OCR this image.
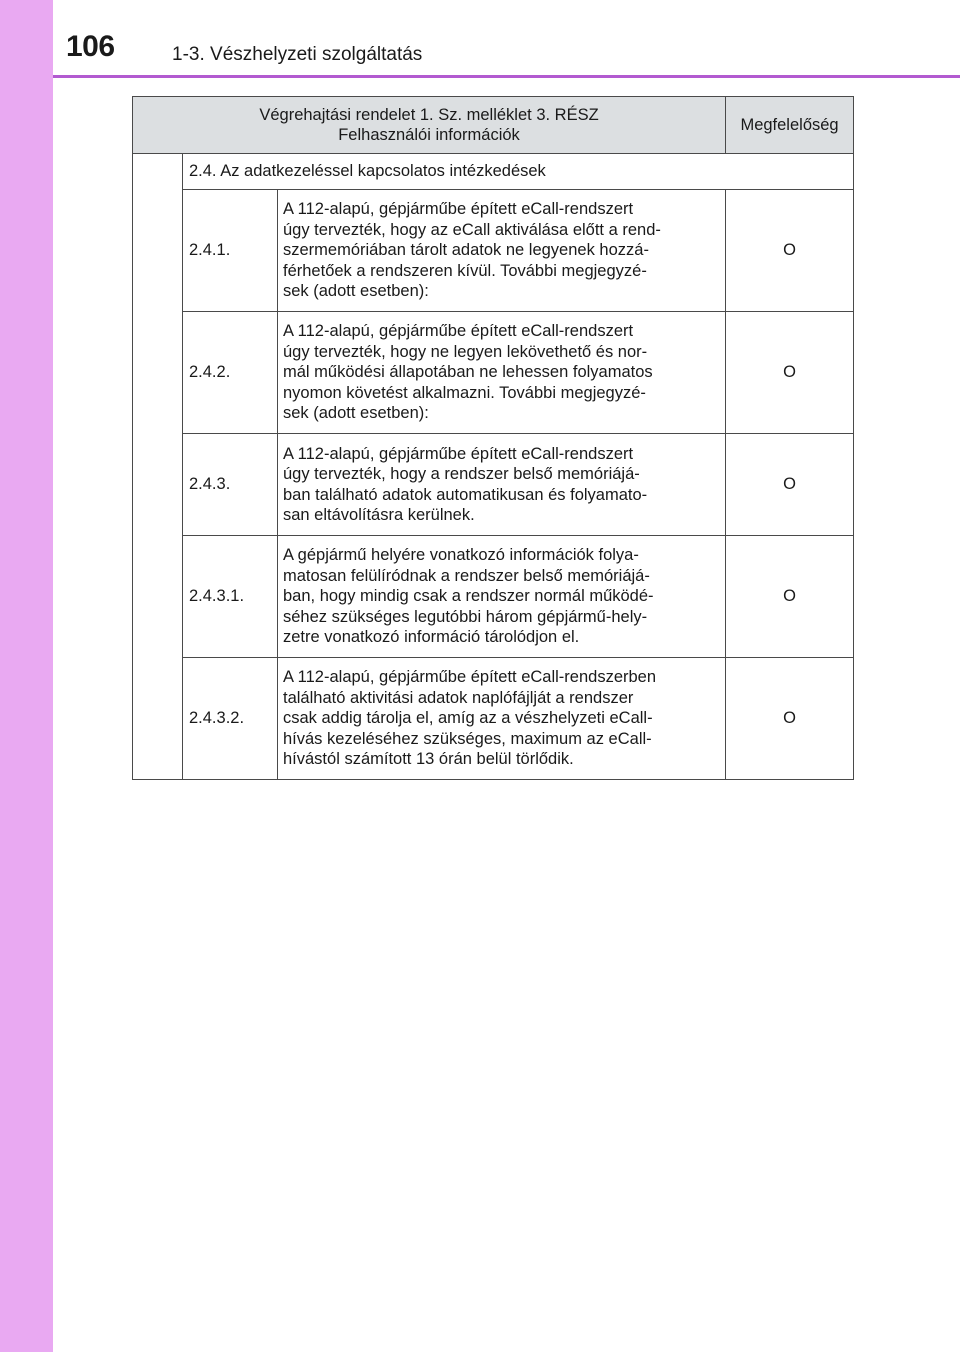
106	1-3. Vészhelyzeti szolgáltatás
Végrehajtási rendelet 1. Sz. melléklet 3. RÉSZ
Felhasználói információk			Megfelelőség
	2.4. Az adatkezeléssel kapcsolatos intézkedések		
	2.4.1.	A 112-alapú, gépjárműbe épített eCall-rendszert
úgy tervezték, hogy az eCall aktiválása előtt a rend-
szermemóriában tárolt adatok ne legyenek hozzá-
férhetőek a rendszeren kívül. További megjegyzé-
sek (adott esetben):	O
	2.4.2.	A 112-alapú, gépjárműbe épített eCall-rendszert
úgy tervezték, hogy ne legyen lekövethető és nor-
mál működési állapotában ne lehessen folyamatos
nyomon követést alkalmazni. További megjegyzé-
sek (adott esetben):	O
	2.4.3.	A 112-alapú, gépjárműbe épített eCall-rendszert
úgy tervezték, hogy a rendszer belső memóriájá-
ban található adatok automatikusan és folyamato-
san eltávolításra kerülnek.	O
	2.4.3.1.	A gépjármű helyére vonatkozó információk folya-
matosan felülíródnak a rendszer belső memóriájá-
ban, hogy mindig csak a rendszer normál működé-
séhez szükséges legutóbbi három gépjármű-hely-
zetre vonatkozó információ tárolódjon el.	O
	2.4.3.2.	A 112-alapú, gépjárműbe épített eCall-rendszerben
található aktivitási adatok naplófájlját a rendszer
csak addig tárolja el, amíg az a vészhelyzeti eCall-
hívás kezeléséhez szükséges, maximum az eCall-
hívástól számított 13 órán belül törlődik.	O
